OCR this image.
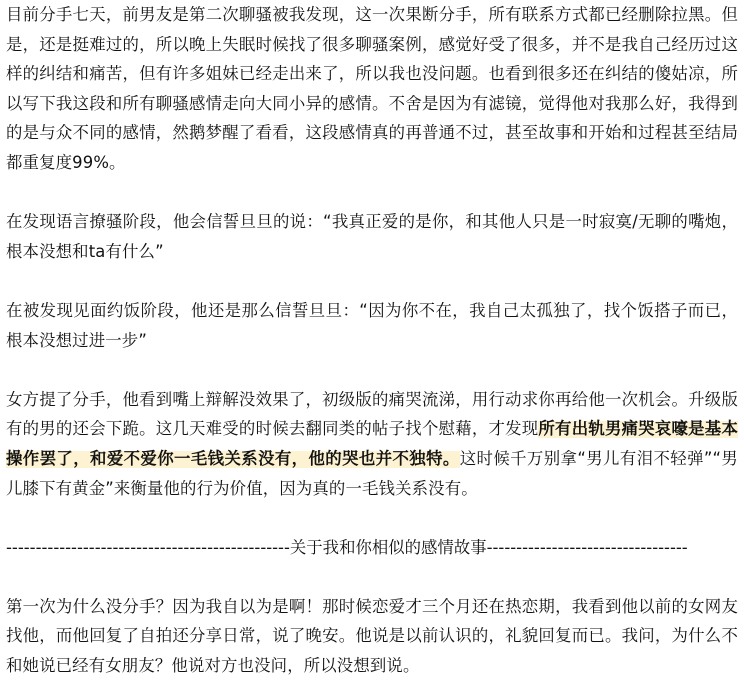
目前分手七天，前男友是第二次聊骚被我发现，这一次果断分手，所有联系方式都已经删除拉黑。但是，还是挺难过的，所以晚上失眠时候找了很多聊骚案例，感觉好受了很多，并不是我自己经历过这样的纠结和痛苦，但有许多姐妹已经走出来了，所以我也没问题。也看到很多还在纠结的傻姑凉，所以写下我这段和所有聊骚感情走向大同小异的感情。不舍是因为有滤镜，觉得他对我那么好，我得到的是与众不同的感情，然鹅梦醒了看看，这段感情真的再普通不过，甚至故事和开始和过程甚至结局都重复度99%。

在发现语言撩骚阶段，他会信誓旦旦的说：“我真正爱的是你，和其他人只是一时寂寞/无聊的嘴炮，根本没想和ta有什么”

在被发现见面约饭阶段，他还是那么信誓旦旦：“因为你不在，我自己太孤独了，找个饭搭子而已，根本没想过进一步”

女方提了分手，他看到嘴上辩解没效果了，初级版的痛哭流涕，用行动求你再给他一次机会。升级版有的男的还会下跪。这几天难受的时候去翻同类的帖子找个慰藉，才发现所有出轨男痛哭哀嚎是基本操作罢了，和爱不爱你一毛钱关系没有，他的哭也并不独特。这时候千万别拿“男儿有泪不轻弹”“男儿膝下有黄金”来衡量他的行为价值，因为真的一毛钱关系没有。

------------------------------------------------关于我和你相似的感情故事----------------------------------

第一次为什么没分手？因为我自以为是啊！那时候恋爱才三个月还在热恋期，我看到他以前的女网友找他，而他回复了自拍还分享日常，说了晚安。他说是以前认识的，礼貌回复而已。我问，为什么不和她说已经有女朋友？他说对方也没问，所以没想到说。
